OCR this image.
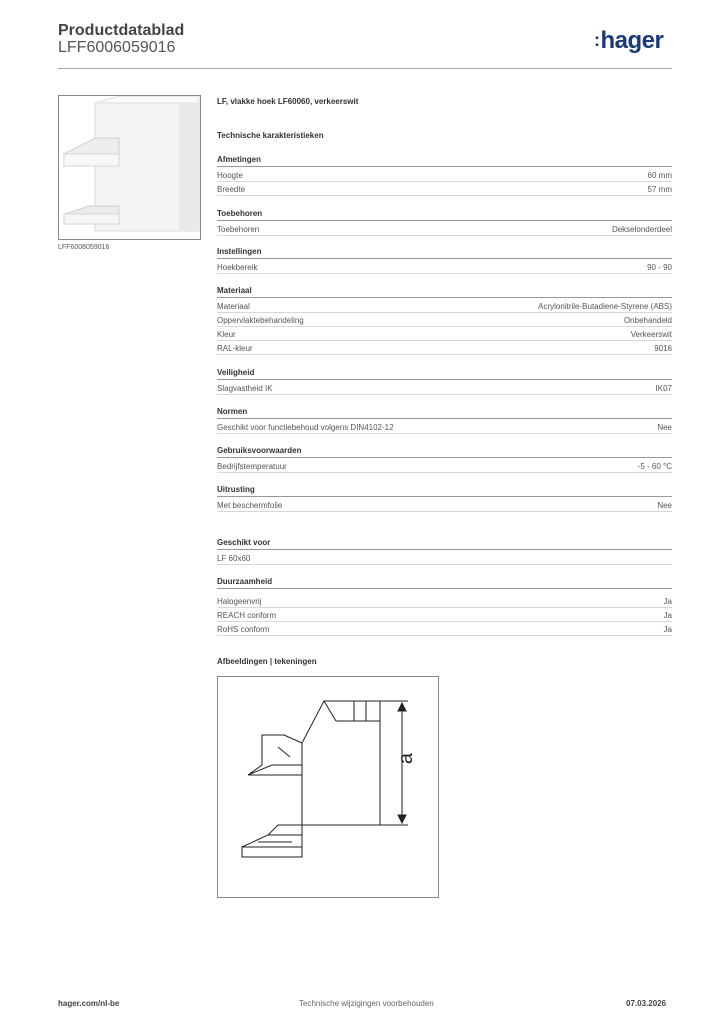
Productdatablad
LFF6006059016	:hager
LFF6006059016
LF, vlakke hoek LF60060, verkeerswit
Technische karakteristieken
Afmetingen
Hoogte	60 mm
Breedte	57 mm
Toebehoren
Toebehoren	Dekselonderdeel
Instellingen
Hoekbereik	90 - 90
Materiaal
Materiaal	Acrylonitrile-Butadiene-Styrene (ABS)
Oppervlaktebehandeling	Onbehandeld
Kleur	Verkeerswit
RAL-kleur	9016
Veiligheid
Slagvastheid IK	IK07
Normen
Geschikt voor functiebehoud volgens DIN4102-12	Nee
Gebruiksvoorwaarden
Bedrijfstemperatuur	-5 - 60 °C
Uitrusting
Met beschermfolie	Nee
Geschikt voor
LF 60x60
Duurzaamheid
Halogeenvrij	Ja
REACH conform	Ja
RoHS conform	Ja
Afbeeldingen | tekeningen
a
hager.com/nl-be	Technische wijzigingen voorbehouden	07.03.2026
